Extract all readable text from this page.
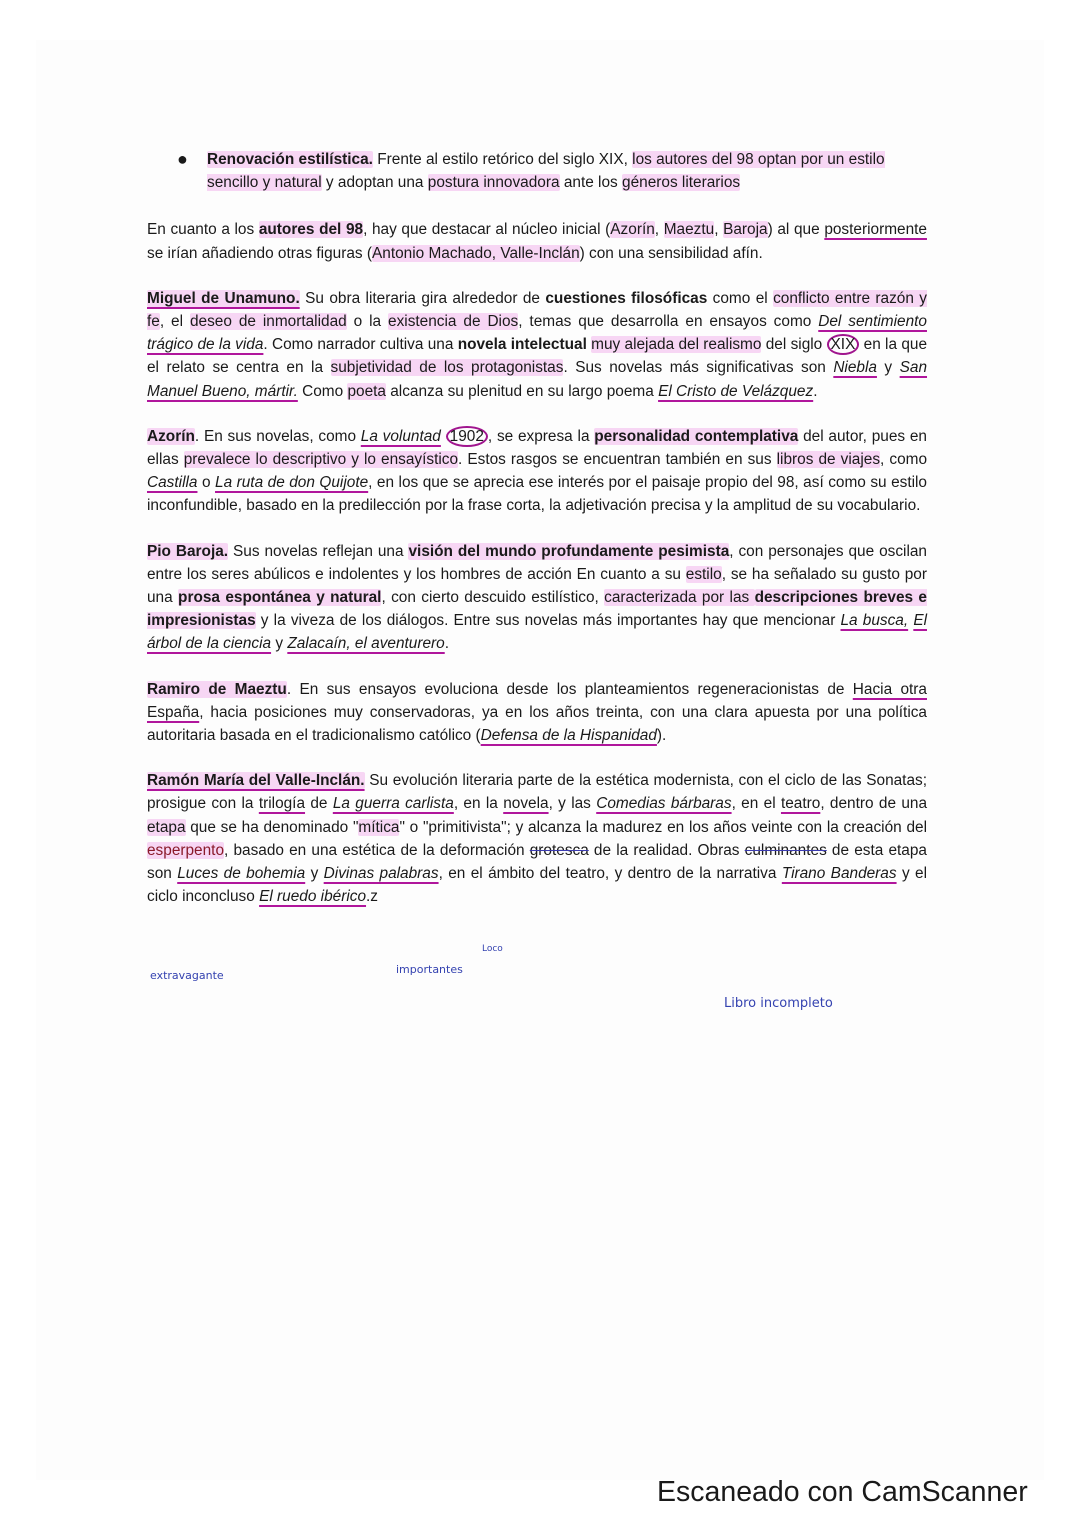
●	Renovación estilística. Frente al estilo retórico del siglo XIX, los autores del 98 optan por un estilo sencillo y natural y adoptan una postura innovadora ante los géneros literarios

En cuanto a los autores del 98, hay que destacar al núcleo inicial (Azorín, Maeztu, Baroja) al que posteriormente se irían añadiendo otras figuras (Antonio Machado, Valle-Inclán) con una sensibilidad afín.

Miguel de Unamuno. Su obra literaria gira alrededor de cuestiones filosóficas como el conflicto entre razón y fe, el deseo de inmortalidad o la existencia de Dios, temas que desarrolla en ensayos como Del sentimiento trágico de la vida. Como narrador cultiva una novela intelectual muy alejada del realismo del siglo XIX en la que el relato se centra en la subjetividad de los protagonistas. Sus novelas más significativas son Niebla y San Manuel Bueno, mártir. Como poeta alcanza su plenitud en su largo poema El Cristo de Velázquez.

Azorín. En sus novelas, como La voluntad 1902 , se expresa la personalidad contemplativa del autor, pues en ellas prevalece lo descriptivo y lo ensayístico. Estos rasgos se encuentran también en sus libros de viajes, como Castilla o La ruta de don Quijote, en los que se aprecia ese interés por el paisaje propio del 98, así como su estilo inconfundible, basado en la predilección por la frase corta, la adjetivación precisa y la amplitud de su vocabulario.

Pio Baroja. Sus novelas reflejan una visión del mundo profundamente pesimista, con personajes que oscilan entre los seres abúlicos e indolentes y los hombres de acción En cuanto a su estilo, se ha señalado su gusto por una prosa espontánea y natural, con cierto descuido estilístico, caracterizada por las descripciones breves e impresionistas y la viveza de los diálogos. Entre sus novelas más importantes hay que mencionar La busca, El árbol de la ciencia y Zalacaín, el aventurero.

Ramiro de Maeztu. En sus ensayos evoluciona desde los planteamientos regeneracionistas de Hacia otra España, hacia posiciones muy conservadoras, ya en los años treinta, con una clara apuesta por una política autoritaria basada en el tradicionalismo católico (Defensa de la Hispanidad).

Ramón María del Valle-Inclán. Su evolución literaria parte de la estética modernista, con el ciclo de las Sonatas; prosigue con la trilogía de La guerra carlista, en la novela, y las Comedias bárbaras, en el teatro, dentro de una etapa que se ha denominado "mítica" o "primitivista"; y alcanza la madurez en los años veinte con la creación del esperpento, basado en una estética de la deformación grotesca de la realidad. Obras culminantes de esta etapa son Luces de bohemia y Divinas palabras, en el ámbito del teatro, y dentro de la narrativa Tirano Banderas y el ciclo inconcluso El ruedo ibérico.z

Loco
extravagante	importantes
Libro incompleto
Escaneado con CamScanner
